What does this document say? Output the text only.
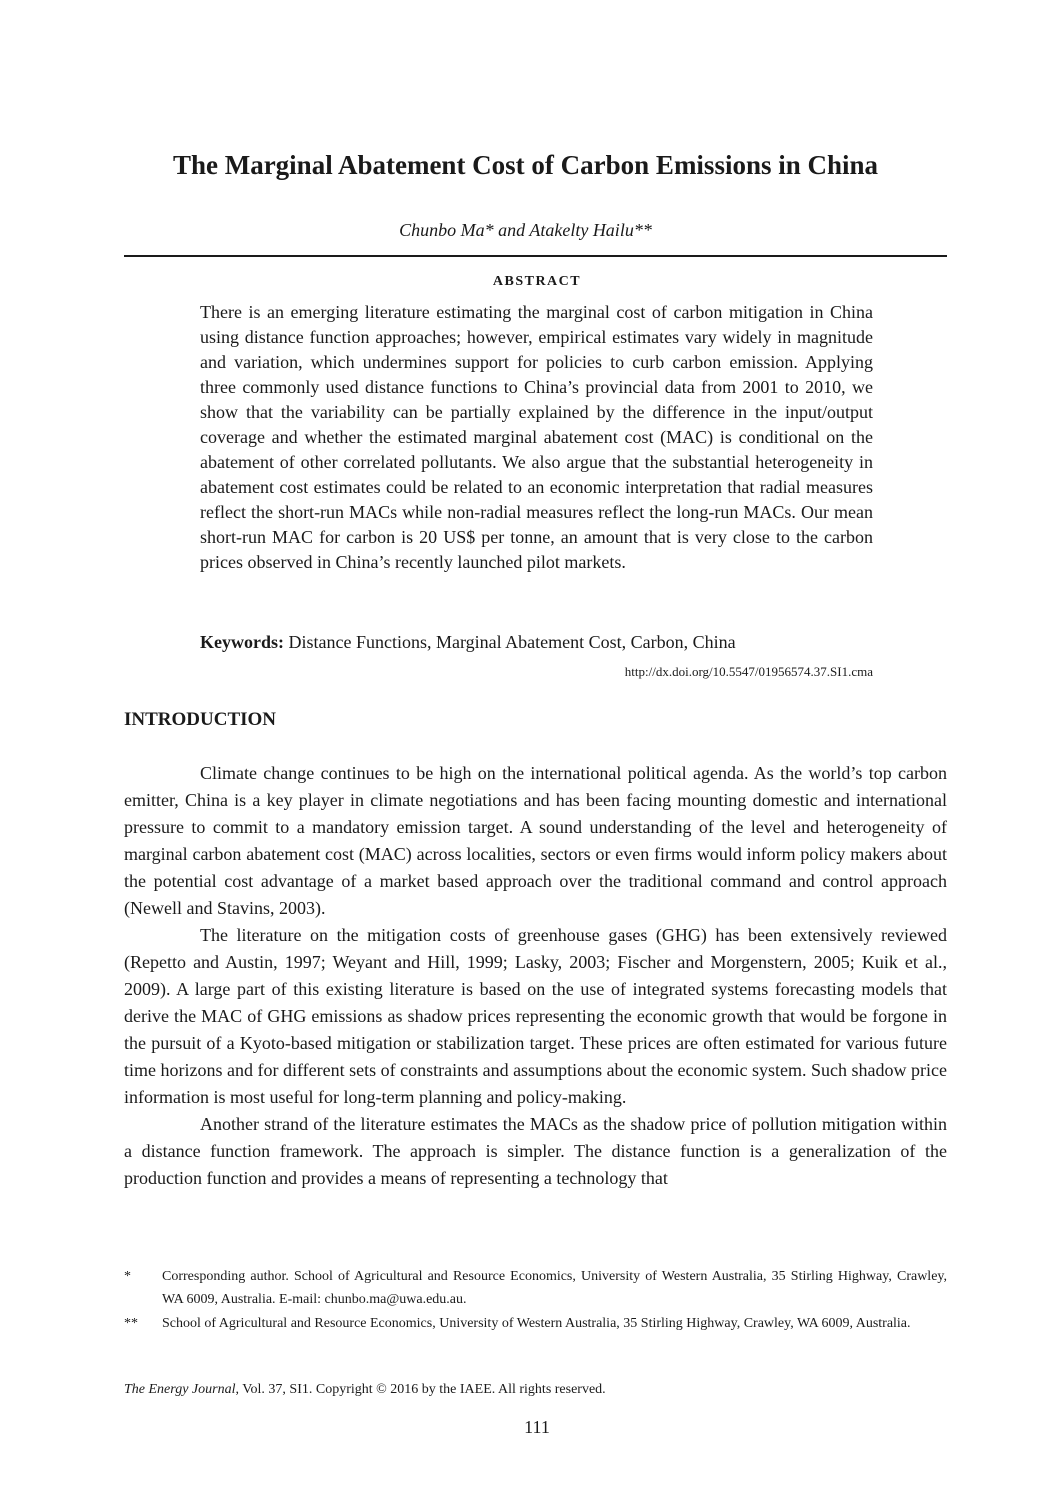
The Marginal Abatement Cost of Carbon Emissions in China
Chunbo Ma* and Atakelty Hailu**
ABSTRACT

There is an emerging literature estimating the marginal cost of carbon mitigation in China using distance function approaches; however, empirical estimates vary widely in magnitude and variation, which undermines support for policies to curb carbon emission. Applying three commonly used distance functions to China’s provincial data from 2001 to 2010, we show that the variability can be partially explained by the difference in the input/output coverage and whether the estimated marginal abatement cost (MAC) is conditional on the abatement of other correlated pollutants. We also argue that the substantial heterogeneity in abatement cost estimates could be related to an economic interpretation that radial measures reflect the short-run MACs while non-radial measures reflect the long-run MACs. Our mean short-run MAC for carbon is 20 US$ per tonne, an amount that is very close to the carbon prices observed in China’s recently launched pilot markets.

Keywords: Distance Functions, Marginal Abatement Cost, Carbon, China
http://dx.doi.org/10.5547/01956574.37.SI1.cma
INTRODUCTION

Climate change continues to be high on the international political agenda. As the world’s top carbon emitter, China is a key player in climate negotiations and has been facing mounting domestic and international pressure to commit to a mandatory emission target. A sound understanding of the level and heterogeneity of marginal carbon abatement cost (MAC) across localities, sectors or even firms would inform policy makers about the potential cost advantage of a market based approach over the traditional command and control approach (Newell and Stavins, 2003).

The literature on the mitigation costs of greenhouse gases (GHG) has been extensively reviewed (Repetto and Austin, 1997; Weyant and Hill, 1999; Lasky, 2003; Fischer and Morgenstern, 2005; Kuik et al., 2009). A large part of this existing literature is based on the use of integrated systems forecasting models that derive the MAC of GHG emissions as shadow prices representing the economic growth that would be forgone in the pursuit of a Kyoto-based mitigation or stabilization target. These prices are often estimated for various future time horizons and for different sets of constraints and assumptions about the economic system. Such shadow price information is most useful for long-term planning and policy-making.

Another strand of the literature estimates the MACs as the shadow price of pollution mitigation within a distance function framework. The approach is simpler. The distance function is a generalization of the production function and provides a means of representing a technology that

*	Corresponding author. School of Agricultural and Resource Economics, University of Western Australia, 35 Stirling Highway, Crawley, WA 6009, Australia. E-mail: chunbo.ma@uwa.edu.au.
**	School of Agricultural and Resource Economics, University of Western Australia, 35 Stirling Highway, Crawley, WA 6009, Australia.
The Energy Journal, Vol. 37, SI1. Copyright © 2016 by the IAEE. All rights reserved.
111
